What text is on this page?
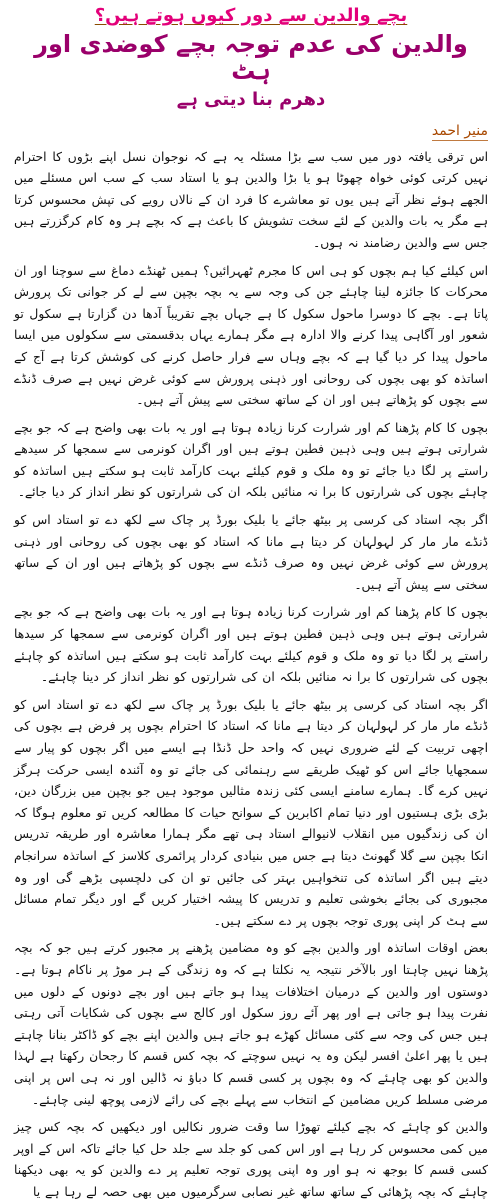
بچے والدین سے دور کیوں ہوتے ہیں؟
والدین کی عدم توجہ بچے کوضدی اور ہٹ
دھرم بنا دیتی ہے
منیر احمد

اس ترقی یافتہ دور میں سب سے بڑا مسئلہ یہ ہے کہ نوجوان نسل اپنے بڑوں کا احترام نہیں کرتی کوئی خواہ چھوٹا ہو یا بڑا والدین ہو یا استاد سب کے سب اس مسئلے میں الجھے ہوئے نظر آتے ہیں یوں تو معاشرے کا فرد ان کے نالاں رویے کی تپش محسوس کرتا ہے مگر یہ بات والدین کے لئے سخت تشویش کا باعث ہے کہ بچے ہر وہ کام کرگزرتے ہیں جس سے والدین رضامند نہ ہوں۔

اس کیلئے کیا ہم بچوں کو ہی اس کا مجرم ٹھہرائیں؟ ہمیں ٹھنڈے دماغ سے سوچنا اور ان محرکات کا جائزہ لینا چاہئے جن کی وجہ سے یہ بچہ بچپن سے لے کر جوانی تک پرورش پاتا ہے۔ بچے کا دوسرا ماحول سکول کا ہے جہاں بچے تقریباً آدھا دن گزارتا ہے سکول تو شعور اور آگاہی پیدا کرنے والا ادارہ ہے مگر ہمارے یہاں بدقسمتی سے سکولوں میں ایسا ماحول پیدا کر دیا گیا ہے کہ بچے وہاں سے فرار حاصل کرنے کی کوشش کرتا ہے آج کے اساتذہ کو بھی بچوں کی روحانی اور ذہنی پرورش سے کوئی غرض نہیں ہے صرف ڈنڈے سے بچوں کو پڑھاتے ہیں اور ان کے ساتھ سختی سے پیش آتے ہیں۔

بچوں کا کام پڑھنا کم اور شرارت کرنا زیادہ ہوتا ہے اور یہ بات بھی واضح ہے کہ جو بچے شرارتی ہوتے ہیں وہی ذہین فطین ہوتے ہیں اور اگران کونرمی سے سمجھا کر سیدھے راستے پر لگا دیا جائے تو وہ ملک و قوم کیلئے بہت کارآمد ثابت ہو سکتے ہیں اساتذہ کو چاہئے بچوں کی شرارتوں کا برا نہ منائیں بلکہ ان کی شرارتوں کو نظر انداز کر دیا جائے۔

اگر بچہ استاد کی کرسی پر بیٹھ جائے یا بلیک بورڈ پر چاک سے لکھ دے تو استاد اس کو ڈنڈے مار مار کر لہولہان کر دیتا ہے مانا کہ استاد کو بھی بچوں کی روحانی اور ذہنی پرورش سے کوئی غرض نہیں وہ صرف ڈنڈے سے بچوں کو پڑھاتے ہیں اور ان کے ساتھ سختی سے پیش آتے ہیں۔

بچوں کا کام پڑھنا کم اور شرارت کرنا زیادہ ہوتا ہے اور یہ بات بھی واضح ہے کہ جو بچے شرارتی ہوتے ہیں وہی ذہین فطین ہوتے ہیں اور اگران کونرمی سے سمجھا کر سیدھا راستے پر لگا دیا تو وہ ملک و قوم کیلئے بہت کارآمد ثابت ہو سکتے ہیں اساتذہ کو چاہئے بچوں کی شرارتوں کا برا نہ منائیں بلکہ ان کی شرارتوں کو نظر انداز کر دینا چاہئے۔

اگر بچہ استاد کی کرسی پر بیٹھ جائے یا بلیک بورڈ پر چاک سے لکھ دے تو استاد اس کو ڈنڈے مار مار کر لہولہان کر دیتا ہے مانا کہ استاد کا احترام بچوں پر فرض ہے بچوں کی اچھی تربیت کے لئے ضروری نہیں کہ واحد حل ڈنڈا ہے ایسے میں اگر بچوں کو پیار سے سمجھایا جائے اس کو ٹھیک طریقے سے رہنمائی کی جائے تو وہ آئندہ ایسی حرکت ہرگز نہیں کرے گا۔ ہمارے سامنے ایسی کئی زندہ مثالیں موجود ہیں جو بچپن میں بزرگان دین، بڑی بڑی ہستیوں اور دنیا تمام اکابرین کے سوانح حیات کا مطالعہ کریں تو معلوم ہوگا کہ ان کی زندگیوں میں انقلاب لانیوالے استاد ہی تھے مگر ہمارا معاشرہ اور طریقہ تدریس انکا بچپن سے گلا گھونٹ دیتا ہے جس میں بنیادی کردار پرائمری کلاسز کے اساتذہ سرانجام دیتے ہیں اگر اساتذہ کی تنخواہیں بہتر کی جائیں تو ان کی دلچسپی بڑھے گی اور وہ مجبوری کی بجائے بخوشی تعلیم و تدریس کا پیشہ اختیار کریں گے اور دیگر تمام مسائل سے ہٹ کر اپنی پوری توجہ بچوں پر دے سکتے ہیں۔

بعض اوقات اساتذہ اور والدین بچے کو وہ مضامین پڑھنے پر مجبور کرتے ہیں جو کہ بچہ پڑھنا نہیں چاہتا اور بالآخر نتیجہ یہ نکلتا ہے کہ وہ زندگی کے ہر موڑ پر ناکام ہوتا ہے۔ دوستوں اور والدین کے درمیان اختلافات پیدا ہو جاتے ہیں اور بچے دونوں کے دلوں میں نفرت پیدا ہو جاتی ہے اور پھر آئے روز سکول اور کالج سے بچوں کی شکایات آتی رہتی ہیں جس کی وجہ سے کئی مسائل کھڑے ہو جاتے ہیں والدین اپنے بچے کو ڈاکٹر بنانا چاہتے ہیں یا پھر اعلیٰ افسر لیکن وہ یہ نہیں سوچتے کہ بچہ کس قسم کا رجحان رکھتا ہے لہذا والدین کو بھی چاہئے کہ وہ بچوں پر کسی قسم کا دباؤ نہ ڈالیں اور نہ ہی اس پر اپنی مرضی مسلط کریں مضامین کے انتخاب سے پہلے بچے کی رائے لازمی پوچھ لینی چاہئے۔

والدین کو چاہئے کہ بچے کیلئے تھوڑا سا وقت ضرور نکالیں اور دیکھیں کہ بچہ کس چیز میں کمی محسوس کر رہا ہے اور اس کمی کو جلد سے جلد حل کیا جائے تاکہ اس کے اوپر کسی قسم کا بوجھ نہ ہو اور وہ اپنی پوری توجہ تعلیم پر دے والدین کو یہ بھی دیکھنا چاہئے کہ بچہ پڑھائی کے ساتھ ساتھ غیر نصابی سرگرمیوں میں بھی حصہ لے رہا ہے یا
